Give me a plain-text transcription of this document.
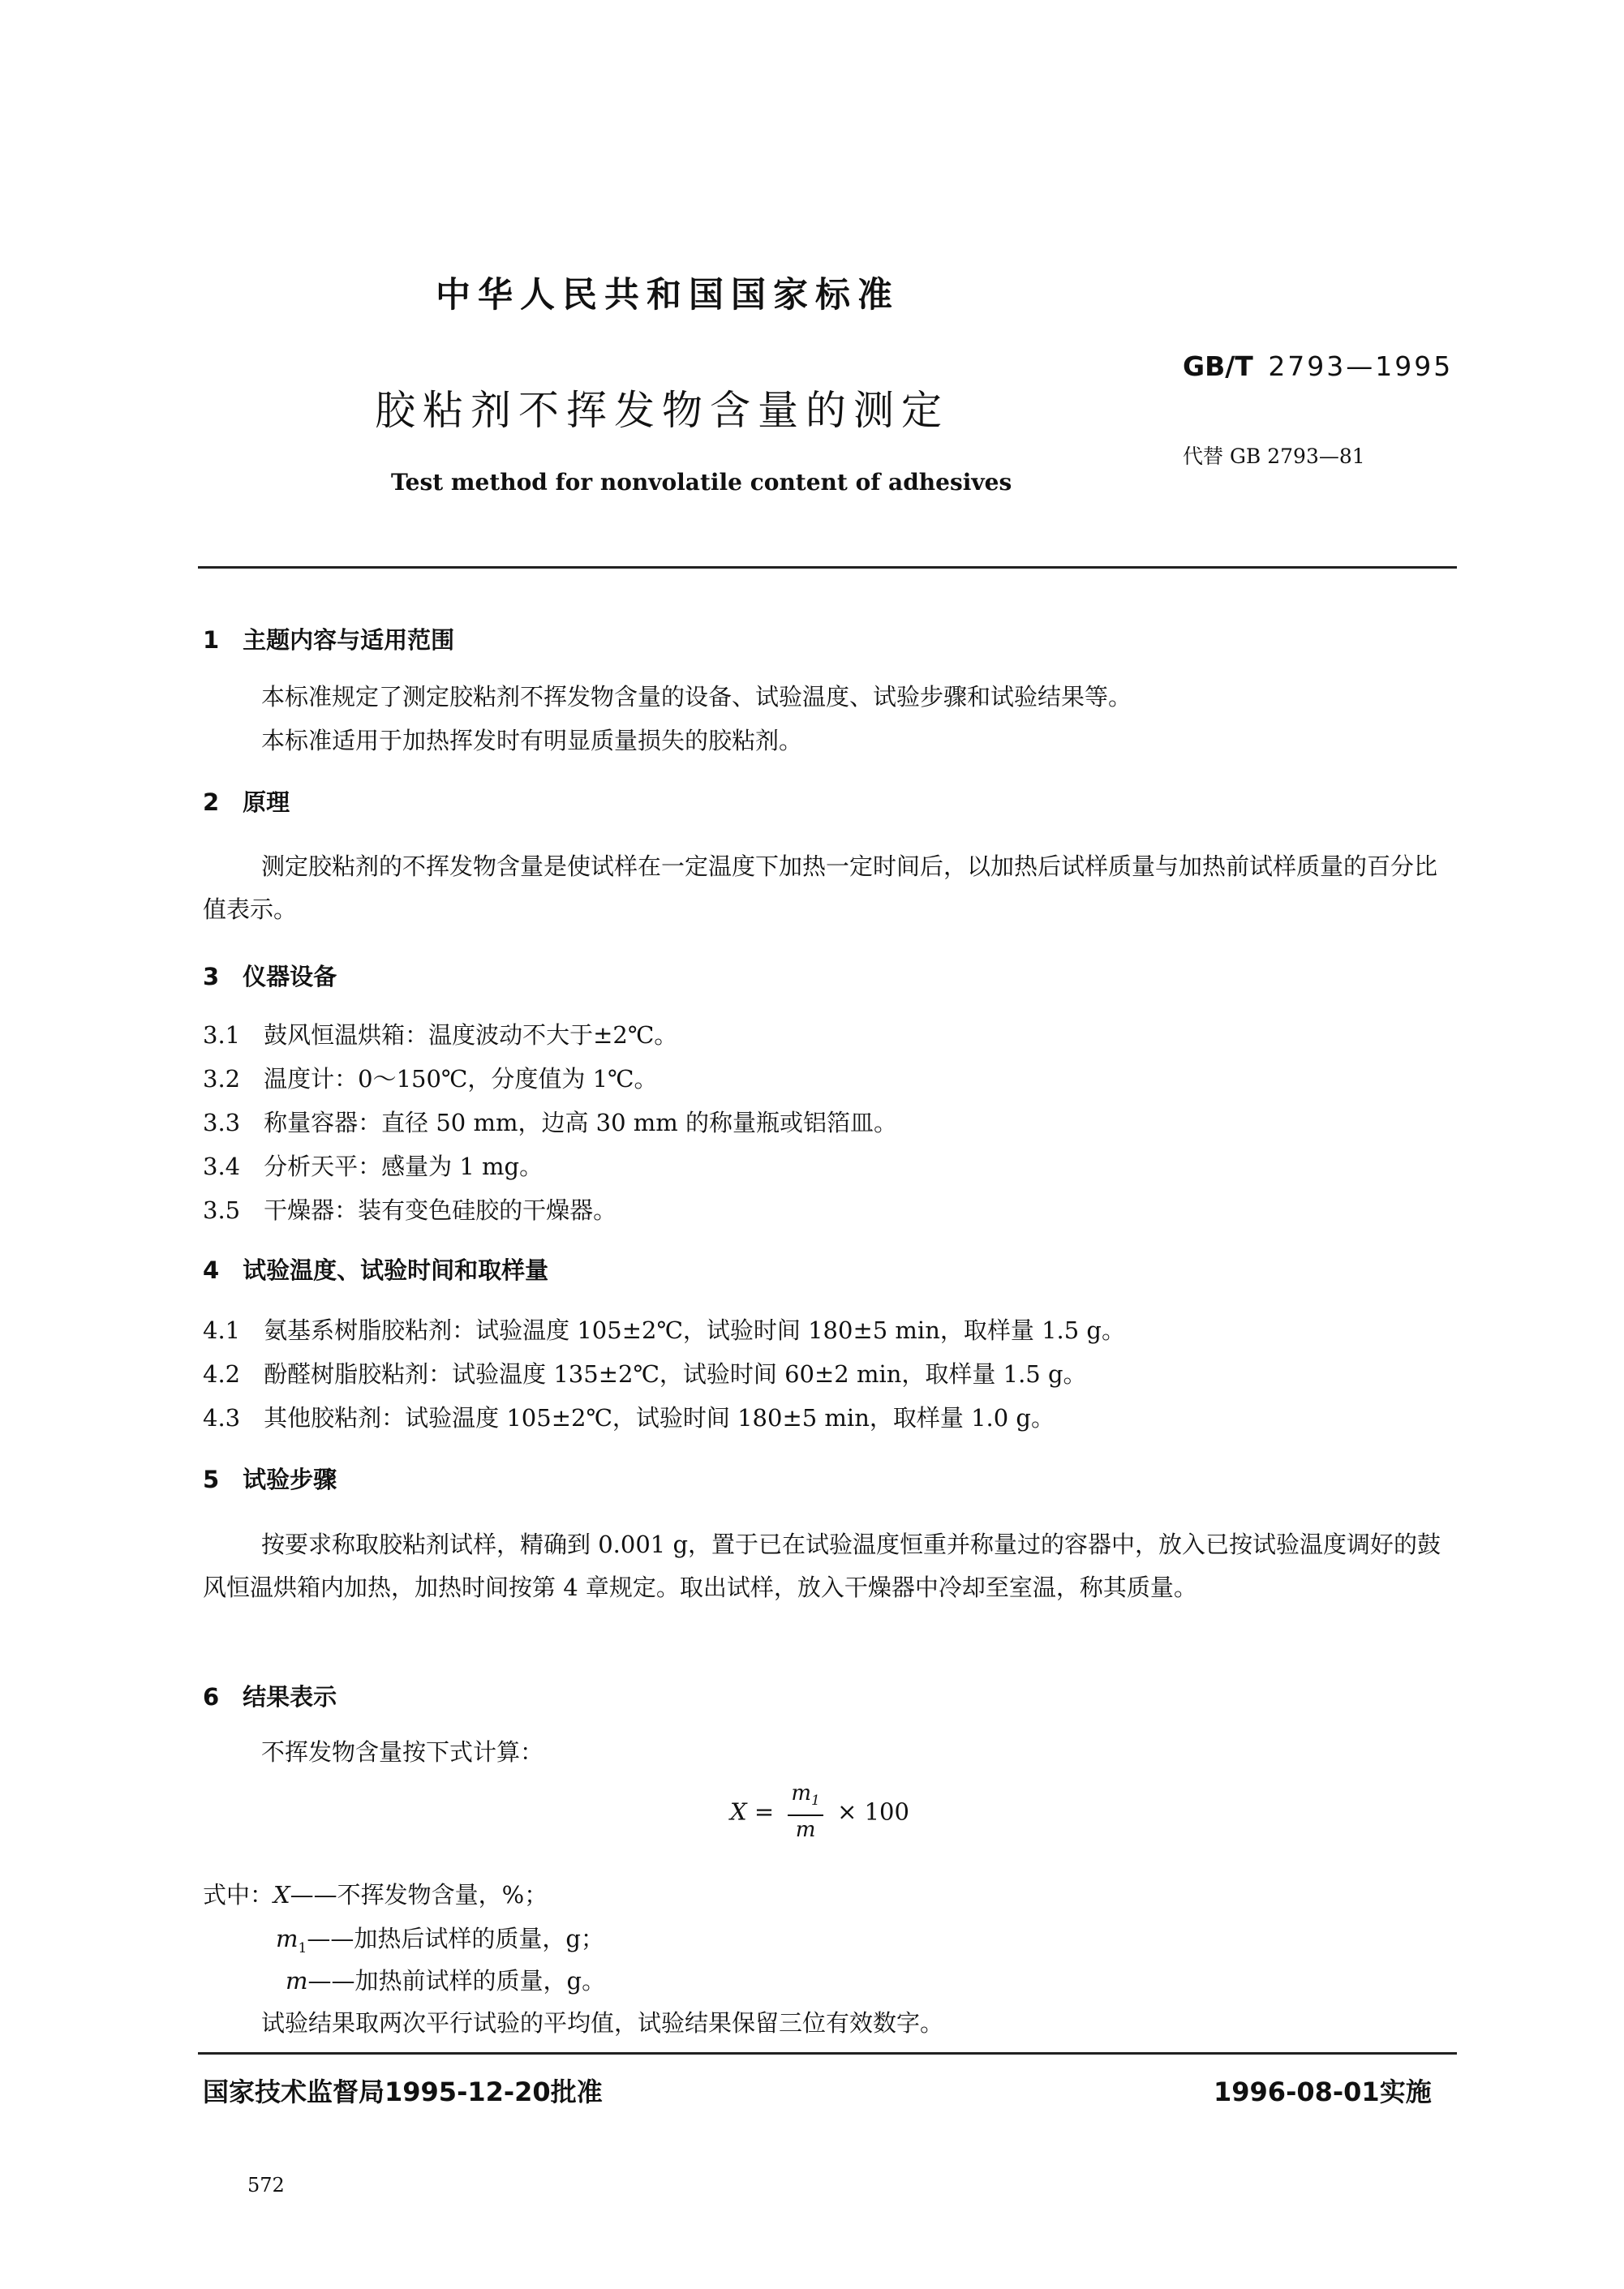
中华人民共和国国家标准
GB/T 2793—1995
胶粘剂不挥发物含量的测定
代替 GB 2793—81
Test method for nonvolatile content of adhesives
1　主题内容与适用范围
本标准规定了测定胶粘剂不挥发物含量的设备、试验温度、试验步骤和试验结果等。
本标准适用于加热挥发时有明显质量损失的胶粘剂。
2　原理
测定胶粘剂的不挥发物含量是使试样在一定温度下加热一定时间后，以加热后试样质量与加热前试样质量的百分比值表示。
3　仪器设备
3.1　鼓风恒温烘箱：温度波动不大于±2℃。
3.2　温度计：0～150℃，分度值为 1℃。
3.3　称量容器：直径 50 mm，边高 30 mm 的称量瓶或铝箔皿。
3.4　分析天平：感量为 1 mg。
3.5　干燥器：装有变色硅胶的干燥器。
4　试验温度、试验时间和取样量
4.1　氨基系树脂胶粘剂：试验温度 105±2℃，试验时间 180±5 min，取样量 1.5 g。
4.2　酚醛树脂胶粘剂：试验温度 135±2℃，试验时间 60±2 min，取样量 1.5 g。
4.3　其他胶粘剂：试验温度 105±2℃，试验时间 180±5 min，取样量 1.0 g。
5　试验步骤
按要求称取胶粘剂试样，精确到 0.001 g，置于已在试验温度恒重并称量过的容器中，放入已按试验温度调好的鼓风恒温烘箱内加热，加热时间按第 4 章规定。取出试样，放入干燥器中冷却至室温，称其质量。
6　结果表示
不挥发物含量按下式计算：
$X = \frac{m_1}{m} \times 100$
式中：X——不挥发物含量，%；
$m_1——$加热后试样的质量，g；
m——加热前试样的质量，g。
试验结果取两次平行试验的平均值，试验结果保留三位有效数字。
国家技术监督局1995-12-20批准	1996-08-01实施
572
